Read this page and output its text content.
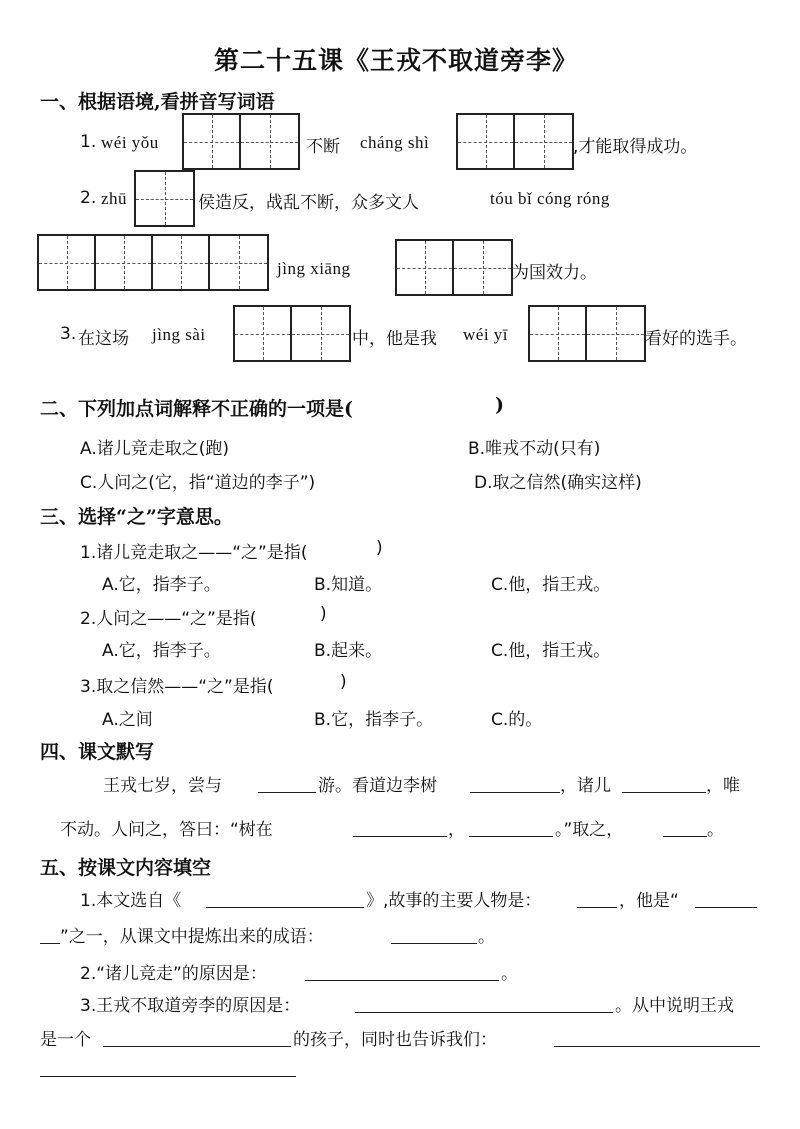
第二十五课《王戎不取道旁李》
一、根据语境,看拼音写词语
1. wéi yǒu	不断 cháng shì	,才能取得成功。
2. zhū	侯造反，战乱不断，众多文人	tóu bǐ cóng róng
jìng xiāng	为国效力。
3. 在这场 jìng sài	中，他是我 wéi yī	看好的选手。
二、下列加点词解释不正确的一项是(	)
A.诸儿竞走取之(跑)	B.唯戎不动(只有)
C.人问之(它，指“道边的李子”)	D.取之信然(确实这样)
三、选择“之”字意思。
1.诸儿竞走取之——“之”是指(	)
A.它，指李子。	B.知道。	C.他，指王戎。
2.人问之——“之”是指(	)
A.它，指李子。	B.起来。	C.他，指王戎。
3.取之信然——“之”是指(	)
A.之间	B.它，指李子。	C.的。
四、课文默写
王戎七岁，尝与	游。看道边李树	，诸儿	，唯
不动。人问之，答曰：“树在	，	。”取之，	。
五、按课文内容填空
1.本文选自《	》,故事的主要人物是：	，他是“
”之一，从课文中提炼出来的成语：	。
2.“诸儿竞走”的原因是：	。
3.王戎不取道旁李的原因是：	。从中说明王戎
是一个	的孩子，同时也告诉我们：
